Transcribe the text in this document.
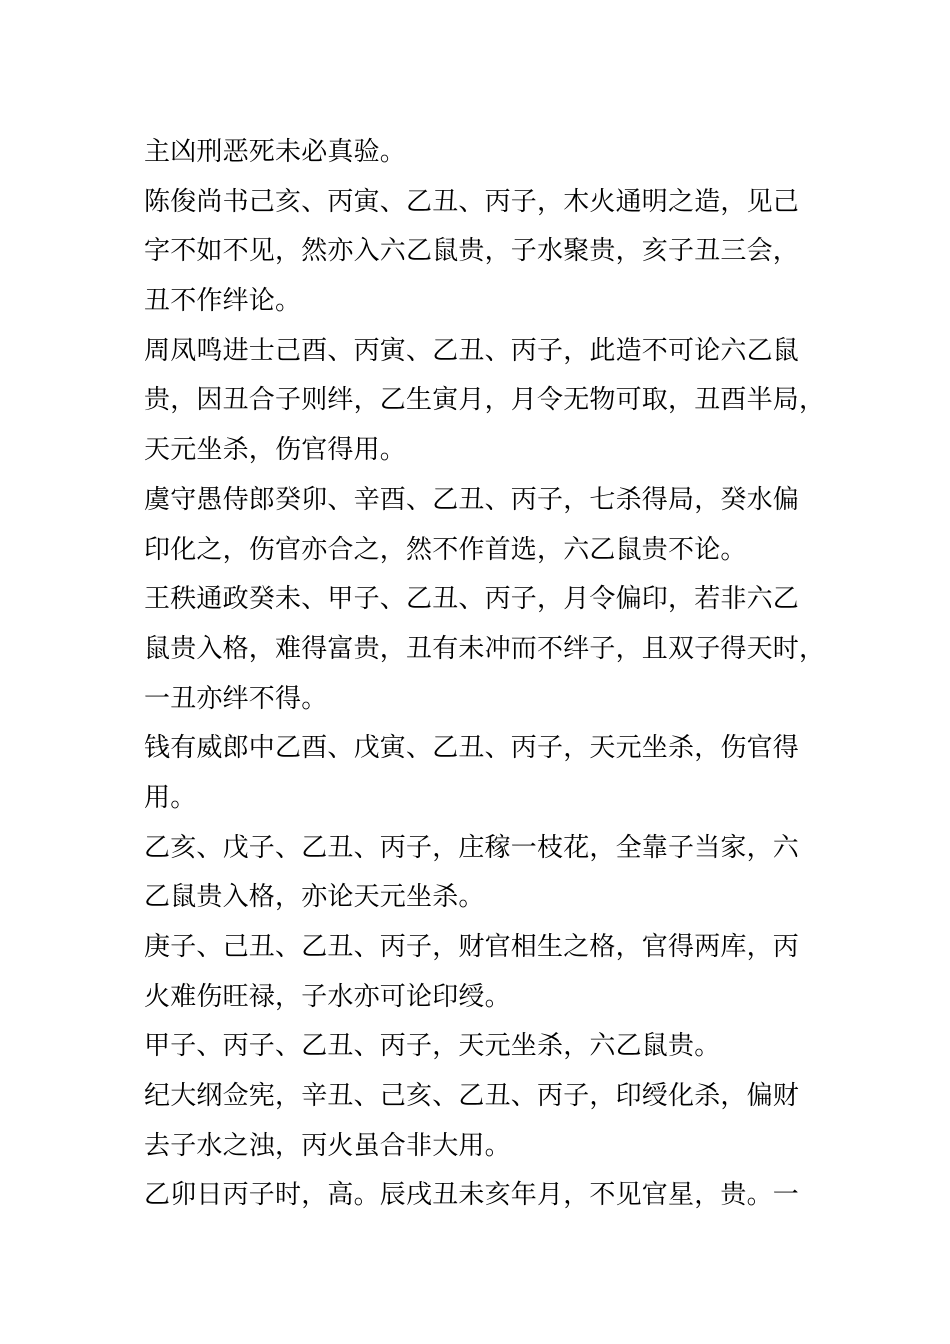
主凶刑恶死未必真验。
陈俊尚书己亥、丙寅、乙丑、丙子，木火通明之造，见己
字不如不见，然亦入六乙鼠贵，子水聚贵，亥子丑三会，
丑不作绊论。
周凤鸣进士己酉、丙寅、乙丑、丙子，此造不可论六乙鼠
贵，因丑合子则绊，乙生寅月，月令无物可取，丑酉半局，
天元坐杀，伤官得用。
虞守愚侍郎癸卯、辛酉、乙丑、丙子，七杀得局，癸水偏
印化之，伤官亦合之，然不作首选，六乙鼠贵不论。
王秩通政癸未、甲子、乙丑、丙子，月令偏印，若非六乙
鼠贵入格，难得富贵，丑有未冲而不绊子，且双子得天时，
一丑亦绊不得。
钱有威郎中乙酉、戊寅、乙丑、丙子，天元坐杀，伤官得
用。
乙亥、戊子、乙丑、丙子，庄稼一枝花，全靠子当家，六
乙鼠贵入格，亦论天元坐杀。
庚子、己丑、乙丑、丙子，财官相生之格，官得两库，丙
火难伤旺禄，子水亦可论印绶。
甲子、丙子、乙丑、丙子，天元坐杀，六乙鼠贵。
纪大纲佥宪，辛丑、己亥、乙丑、丙子，印绶化杀，偏财
去子水之浊，丙火虽合非大用。
乙卯日丙子时，高。辰戌丑未亥年月，不见官星，贵。一
